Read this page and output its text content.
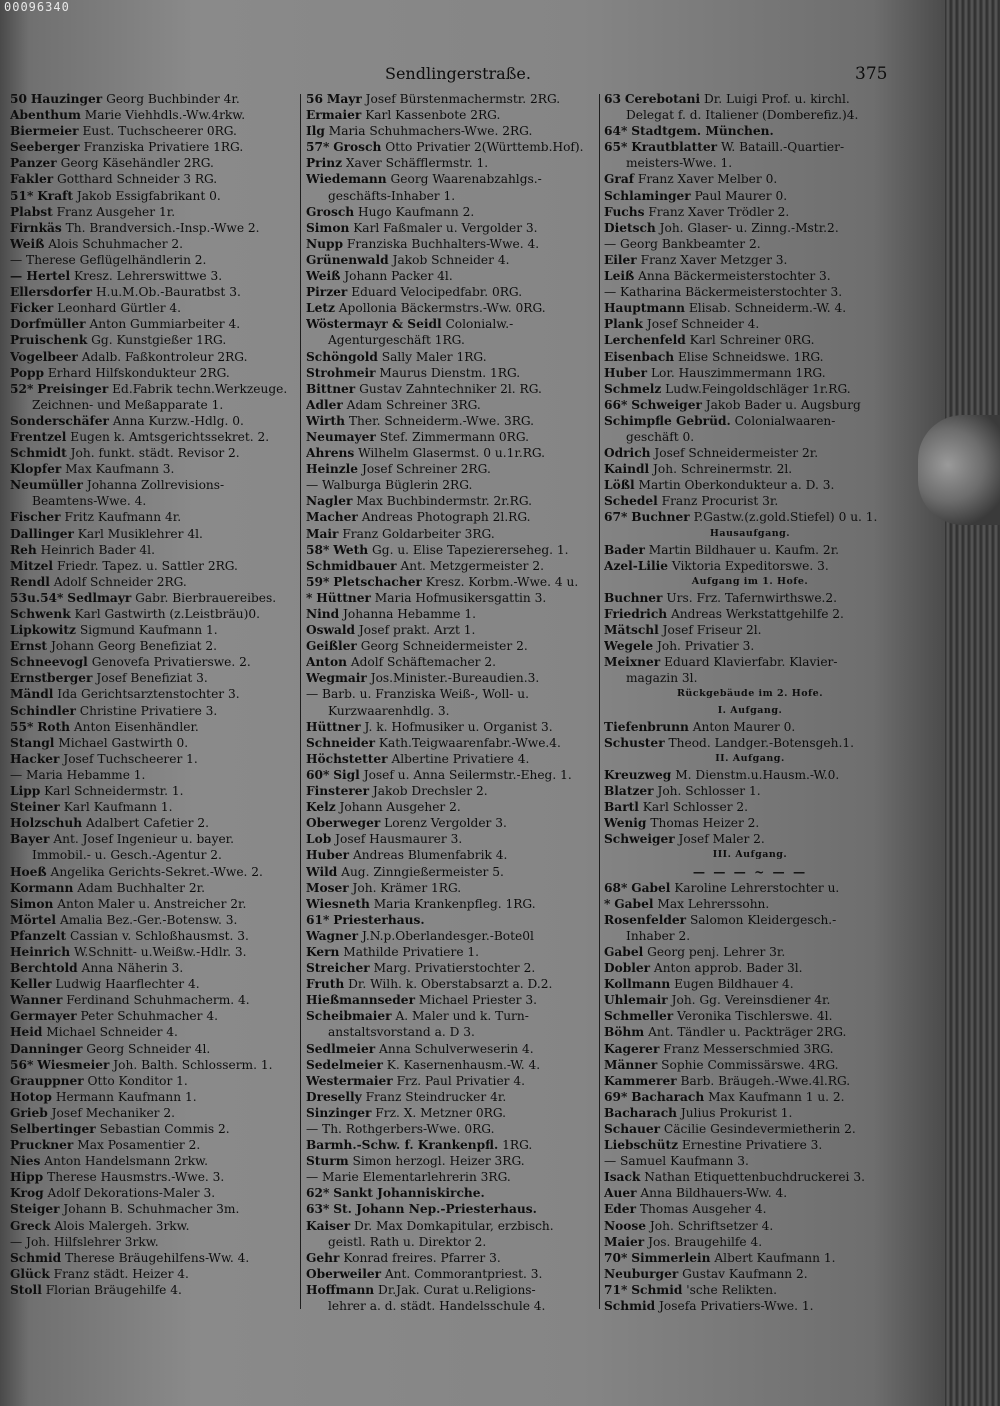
00096340
Sendlingerstraße.	375
50 Hauzinger Georg Buchbinder 4r.
Abenthum Marie Viehhdls.-Ww.4rkw.
Biermeier Eust. Tuchscheerer 0RG.
Seeberger Franziska Privatiere 1RG.
Panzer Georg Käsehändler 2RG.
Fakler Gotthard Schneider 3 RG.
51* Kraft Jakob Essigfabrikant 0.
Plabst Franz Ausgeher 1r.
Firnkäs Th. Brandversich.-Insp.-Wwe 2.
Weiß Alois Schuhmacher 2.
— Therese Geflügelhändlerin 2.
— Hertel Kresz. Lehrerswittwe 3.
Ellersdorfer H.u.M.Ob.-Bauratbst 3.
Ficker Leonhard Gürtler 4.
Dorfmüller Anton Gummiarbeiter 4.
Pruischenk Gg. Kunstgießer 1RG.
Vogelbeer Adalb. Faßkontroleur 2RG.
Popp Erhard Hilfskondukteur 2RG.
52* Preisinger Ed.Fabrik techn.Werkzeuge.
Zeichnen- und Meßapparate 1.
Sonderschäfer Anna Kurzw.-Hdlg. 0.
Frentzel Eugen k. Amtsgerichtssekret. 2.
Schmidt Joh. funkt. städt. Revisor 2.
Klopfer Max Kaufmann 3.
Neumüller Johanna Zollrevisions-
Beamtens-Wwe. 4.
Fischer Fritz Kaufmann 4r.
Dallinger Karl Musiklehrer 4l.
Reh Heinrich Bader 4l.
Mitzel Friedr. Tapez. u. Sattler 2RG.
Rendl Adolf Schneider 2RG.
53u.54* Sedlmayr Gabr. Bierbrauereibes.
Schwenk Karl Gastwirth (z.Leistbräu)0.
Lipkowitz Sigmund Kaufmann 1.
Ernst Johann Georg Benefiziat 2.
Schneevogl Genovefa Privatierswe. 2.
Ernstberger Josef Benefiziat 3.
Mändl Ida Gerichtsarztenstochter 3.
Schindler Christine Privatiere 3.
55* Roth Anton Eisenhändler.
Stangl Michael Gastwirth 0.
Hacker Josef Tuchscheerer 1.
— Maria Hebamme 1.
Lipp Karl Schneidermstr. 1.
Steiner Karl Kaufmann 1.
Holzschuh Adalbert Cafetier 2.
Bayer Ant. Josef Ingenieur u. bayer.
Immobil.- u. Gesch.-Agentur 2.
Hoeß Angelika Gerichts-Sekret.-Wwe. 2.
Kormann Adam Buchhalter 2r.
Simon Anton Maler u. Anstreicher 2r.
Mörtel Amalia Bez.-Ger.-Botensw. 3.
Pfanzelt Cassian v. Schloßhausmst. 3.
Heinrich W.Schnitt- u.Weißw.-Hdlr. 3.
Berchtold Anna Näherin 3.
Keller Ludwig Haarflechter 4.
Wanner Ferdinand Schuhmacherm. 4.
Germayer Peter Schuhmacher 4.
Heid Michael Schneider 4.
Danninger Georg Schneider 4l.
56* Wiesmeier Joh. Balth. Schlosserm. 1.
Grauppner Otto Konditor 1.
Hotop Hermann Kaufmann 1.
Grieb Josef Mechaniker 2.
Selbertinger Sebastian Commis 2.
Pruckner Max Posamentier 2.
Nies Anton Handelsmann 2rkw.
Hipp Therese Hausmstrs.-Wwe. 3.
Krog Adolf Dekorations-Maler 3.
Steiger Johann B. Schuhmacher 3m.
Greck Alois Malergeh. 3rkw.
— Joh. Hilfslehrer 3rkw.
Schmid Therese Bräugehilfens-Ww. 4.
Glück Franz städt. Heizer 4.
Stoll Florian Bräugehilfe 4.
56 Mayr Josef Bürstenmachermstr. 2RG.
Ermaier Karl Kassenbote 2RG.
Ilg Maria Schuhmachers-Wwe. 2RG.
57* Grosch Otto Privatier 2(Württemb.Hof).
Prinz Xaver Schäfflermstr. 1.
Wiedemann Georg Waarenabzahlgs.-
geschäfts-Inhaber 1.
Grosch Hugo Kaufmann 2.
Simon Karl Faßmaler u. Vergolder 3.
Nupp Franziska Buchhalters-Wwe. 4.
Grünenwald Jakob Schneider 4.
Weiß Johann Packer 4l.
Pirzer Eduard Velocipedfabr. 0RG.
Letz Apollonia Bäckermstrs.-Ww. 0RG.
Wöstermayr & Seidl Colonialw.-
Agenturgeschäft 1RG.
Schöngold Sally Maler 1RG.
Strohmeir Maurus Dienstm. 1RG.
Bittner Gustav Zahntechniker 2l. RG.
Adler Adam Schreiner 3RG.
Wirth Ther. Schneiderm.-Wwe. 3RG.
Neumayer Stef. Zimmermann 0RG.
Ahrens Wilhelm Glasermst. 0 u.1r.RG.
Heinzle Josef Schreiner 2RG.
— Walburga Büglerin 2RG.
Nagler Max Buchbindermstr. 2r.RG.
Macher Andreas Photograph 2l.RG.
Mair Franz Goldarbeiter 3RG.
58* Weth Gg. u. Elise Tapeziererseheg. 1.
Schmidbauer Ant. Metzgermeister 2.
59* Pletschacher Kresz. Korbm.-Wwe. 4 u.
* Hüttner Maria Hofmusikersgattin 3.
Nind Johanna Hebamme 1.
Oswald Josef prakt. Arzt 1.
Geißler Georg Schneidermeister 2.
Anton Adolf Schäftemacher 2.
Wegmair Jos.Minister.-Bureaudien.3.
— Barb. u. Franziska Weiß-, Woll- u.
Kurzwaarenhdlg. 3.
Hüttner J. k. Hofmusiker u. Organist 3.
Schneider Kath.Teigwaarenfabr.-Wwe.4.
Höchstetter Albertine Privatiere 4.
60* Sigl Josef u. Anna Seilermstr.-Eheg. 1.
Finsterer Jakob Drechsler 2.
Kelz Johann Ausgeher 2.
Oberweger Lorenz Vergolder 3.
Lob Josef Hausmaurer 3.
Huber Andreas Blumenfabrik 4.
Wild Aug. Zinngießermeister 5.
Moser Joh. Krämer 1RG.
Wiesneth Maria Krankenpfleg. 1RG.
61* Priesterhaus.
Wagner J.N.p.Oberlandesger.-Bote0l
Kern Mathilde Privatiere 1.
Streicher Marg. Privatierstochter 2.
Fruth Dr. Wilh. k. Oberstabsarzt a. D.2.
Hießmannseder Michael Priester 3.
Scheibmaier A. Maler und k. Turn-
anstaltsvorstand a. D 3.
Sedlmeier Anna Schulverweserin 4.
Sedelmeier K. Kasernenhausm.-W. 4.
Westermaier Frz. Paul Privatier 4.
Dreselly Franz Steindrucker 4r.
Sinzinger Frz. X. Metzner 0RG.
— Th. Rothgerbers-Wwe. 0RG.
Barmh.-Schw. f. Krankenpfl. 1RG.
Sturm Simon herzogl. Heizer 3RG.
— Marie Elementarlehrerin 3RG.
62* Sankt Johanniskirche.
63* St. Johann Nep.-Priesterhaus.
Kaiser Dr. Max Domkapitular, erzbisch.
geistl. Rath u. Direktor 2.
Gehr Konrad freires. Pfarrer 3.
Oberweiler Ant. Commorantpriest. 3.
Hoffmann Dr.Jak. Curat u.Religions-
lehrer a. d. städt. Handelsschule 4.
63 Cerebotani Dr. Luigi Prof. u. kirchl.
Delegat f. d. Italiener (Domberefiz.)4.
64* Stadtgem. München.
65* Krautblatter W. Bataill.-Quartier-
meisters-Wwe. 1.
Graf Franz Xaver Melber 0.
Schlaminger Paul Maurer 0.
Fuchs Franz Xaver Trödler 2.
Dietsch Joh. Glaser- u. Zinng.-Mstr.2.
— Georg Bankbeamter 2.
Eiler Franz Xaver Metzger 3.
Leiß Anna Bäckermeisterstochter 3.
— Katharina Bäckermeisterstochter 3.
Hauptmann Elisab. Schneiderm.-W. 4.
Plank Josef Schneider 4.
Lerchenfeld Karl Schreiner 0RG.
Eisenbach Elise Schneidswe. 1RG.
Huber Lor. Hauszimmermann 1RG.
Schmelz Ludw.Feingoldschläger 1r.RG.
66* Schweiger Jakob Bader u. Augsburg
Schimpfle Gebrüd. Colonialwaaren-
geschäft 0.
Odrich Josef Schneidermeister 2r.
Kaindl Joh. Schreinermstr. 2l.
Lößl Martin Oberkondukteur a. D. 3.
Schedel Franz Procurist 3r.
67* Buchner P.Gastw.(z.gold.Stiefel) 0 u. 1.
Hausaufgang.
Bader Martin Bildhauer u. Kaufm. 2r.
Azel-Lilie Viktoria Expeditorswe. 3.
Aufgang im 1. Hofe.
Buchner Urs. Frz. Tafernwirthswe.2.
Friedrich Andreas Werkstattgehilfe 2.
Mätschl Josef Friseur 2l.
Wegele Joh. Privatier 3.
Meixner Eduard Klavierfabr. Klavier-
magazin 3l.
Rückgebäude im 2. Hofe.
I. Aufgang.
Tiefenbrunn Anton Maurer 0.
Schuster Theod. Landger.-Botensgeh.1.
II. Aufgang.
Kreuzweg M. Dienstm.u.Hausm.-W.0.
Blatzer Joh. Schlosser 1.
Bartl Karl Schlosser 2.
Wenig Thomas Heizer 2.
Schweiger Josef Maler 2.
III. Aufgang.
— — — ~ — —
68* Gabel Karoline Lehrerstochter u.
* Gabel Max Lehrerssohn.
Rosenfelder Salomon Kleidergesch.-
Inhaber 2.
Gabel Georg penj. Lehrer 3r.
Dobler Anton approb. Bader 3l.
Kollmann Eugen Bildhauer 4.
Uhlemair Joh. Gg. Vereinsdiener 4r.
Schmeller Veronika Tischlerswe. 4l.
Böhm Ant. Tändler u. Packträger 2RG.
Kagerer Franz Messerschmied 3RG.
Männer Sophie Commissärswe. 4RG.
Kammerer Barb. Bräugeh.-Wwe.4l.RG.
69* Bacharach Max Kaufmann 1 u. 2.
Bacharach Julius Prokurist 1.
Schauer Cäcilie Gesindevermietherin 2.
Liebschütz Ernestine Privatiere 3.
— Samuel Kaufmann 3.
Isack Nathan Etiquettenbuchdruckerei 3.
Auer Anna Bildhauers-Ww. 4.
Eder Thomas Ausgeher 4.
Noose Joh. Schriftsetzer 4.
Maier Jos. Braugehilfe 4.
70* Simmerlein Albert Kaufmann 1.
Neuburger Gustav Kaufmann 2.
71* Schmid 'sche Relikten.
Schmid Josefa Privatiers-Wwe. 1.
